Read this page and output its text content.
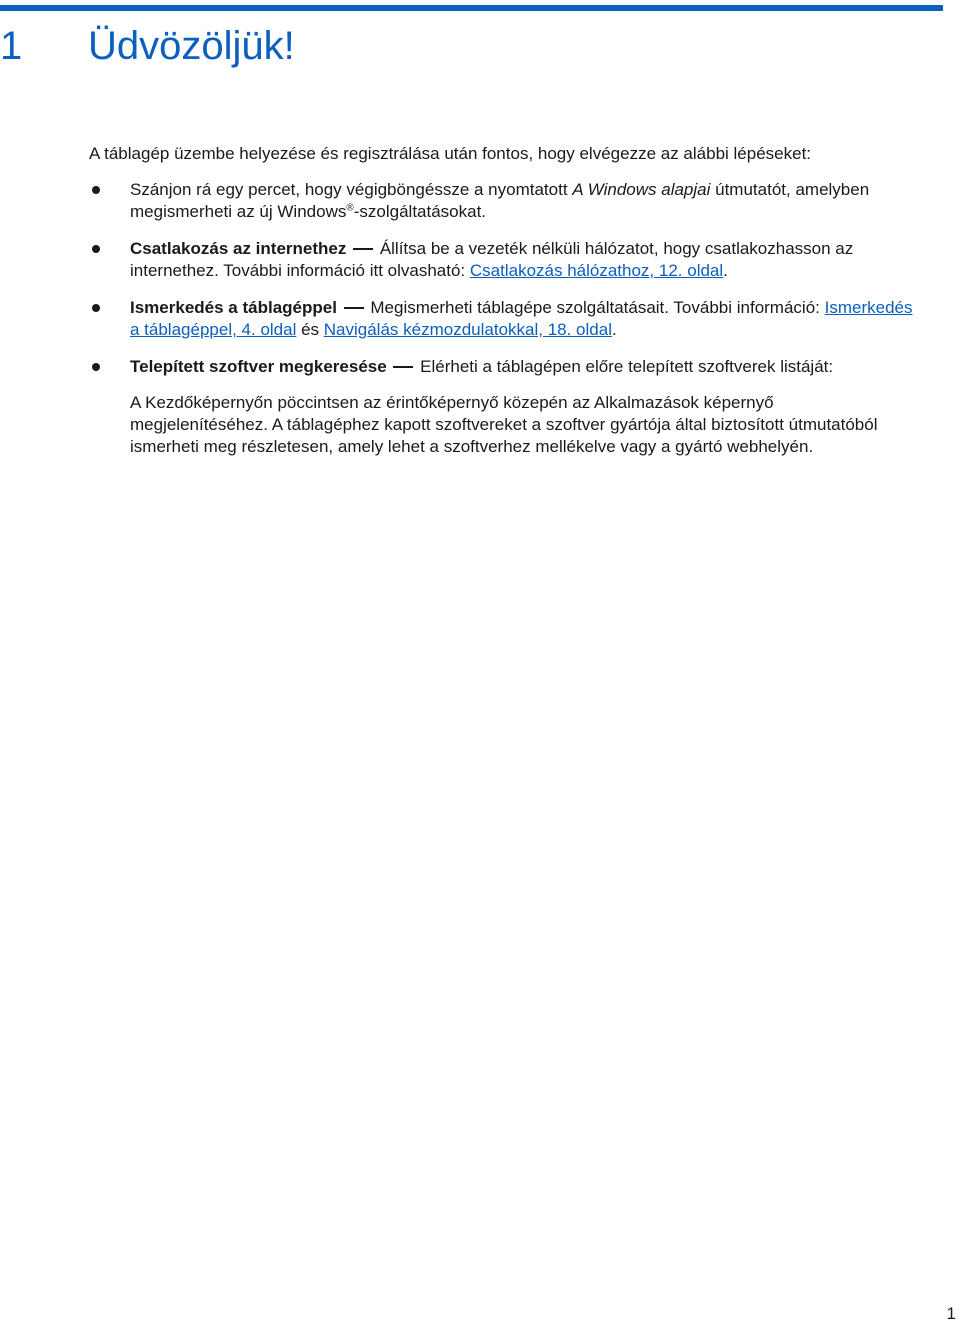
1 Üdvözöljük!

A táblagép üzembe helyezése és regisztrálása után fontos, hogy elvégezze az alábbi lépéseket:

Szánjon rá egy percet, hogy végigböngéssze a nyomtatott A Windows alapjai útmutatót, amelyben
megismerheti az új Windows®-szolgáltatásokat.
Csatlakozás az internethez  Állítsa be a vezeték nélküli hálózatot, hogy csatlakozhasson az
internethez. További információ itt olvasható: Csatlakozás hálózathoz, 12. oldal.
Ismerkedés a táblagéppel  Megismerheti táblagépe szolgáltatásait. További információ: Ismerkedés
a táblagéppel, 4. oldal és Navigálás kézmozdulatokkal, 18. oldal.
Telepített szoftver megkeresése  Elérheti a táblagépen előre telepített szoftverek listáját:
A Kezdőképernyőn pöccintsen az érintőképernyő közepén az Alkalmazások képernyő
megjelenítéséhez. A táblagéphez kapott szoftvereket a szoftver gyártója által biztosított útmutatóból
ismerheti meg részletesen, amely lehet a szoftverhez mellékelve vagy a gyártó webhelyén.
1
